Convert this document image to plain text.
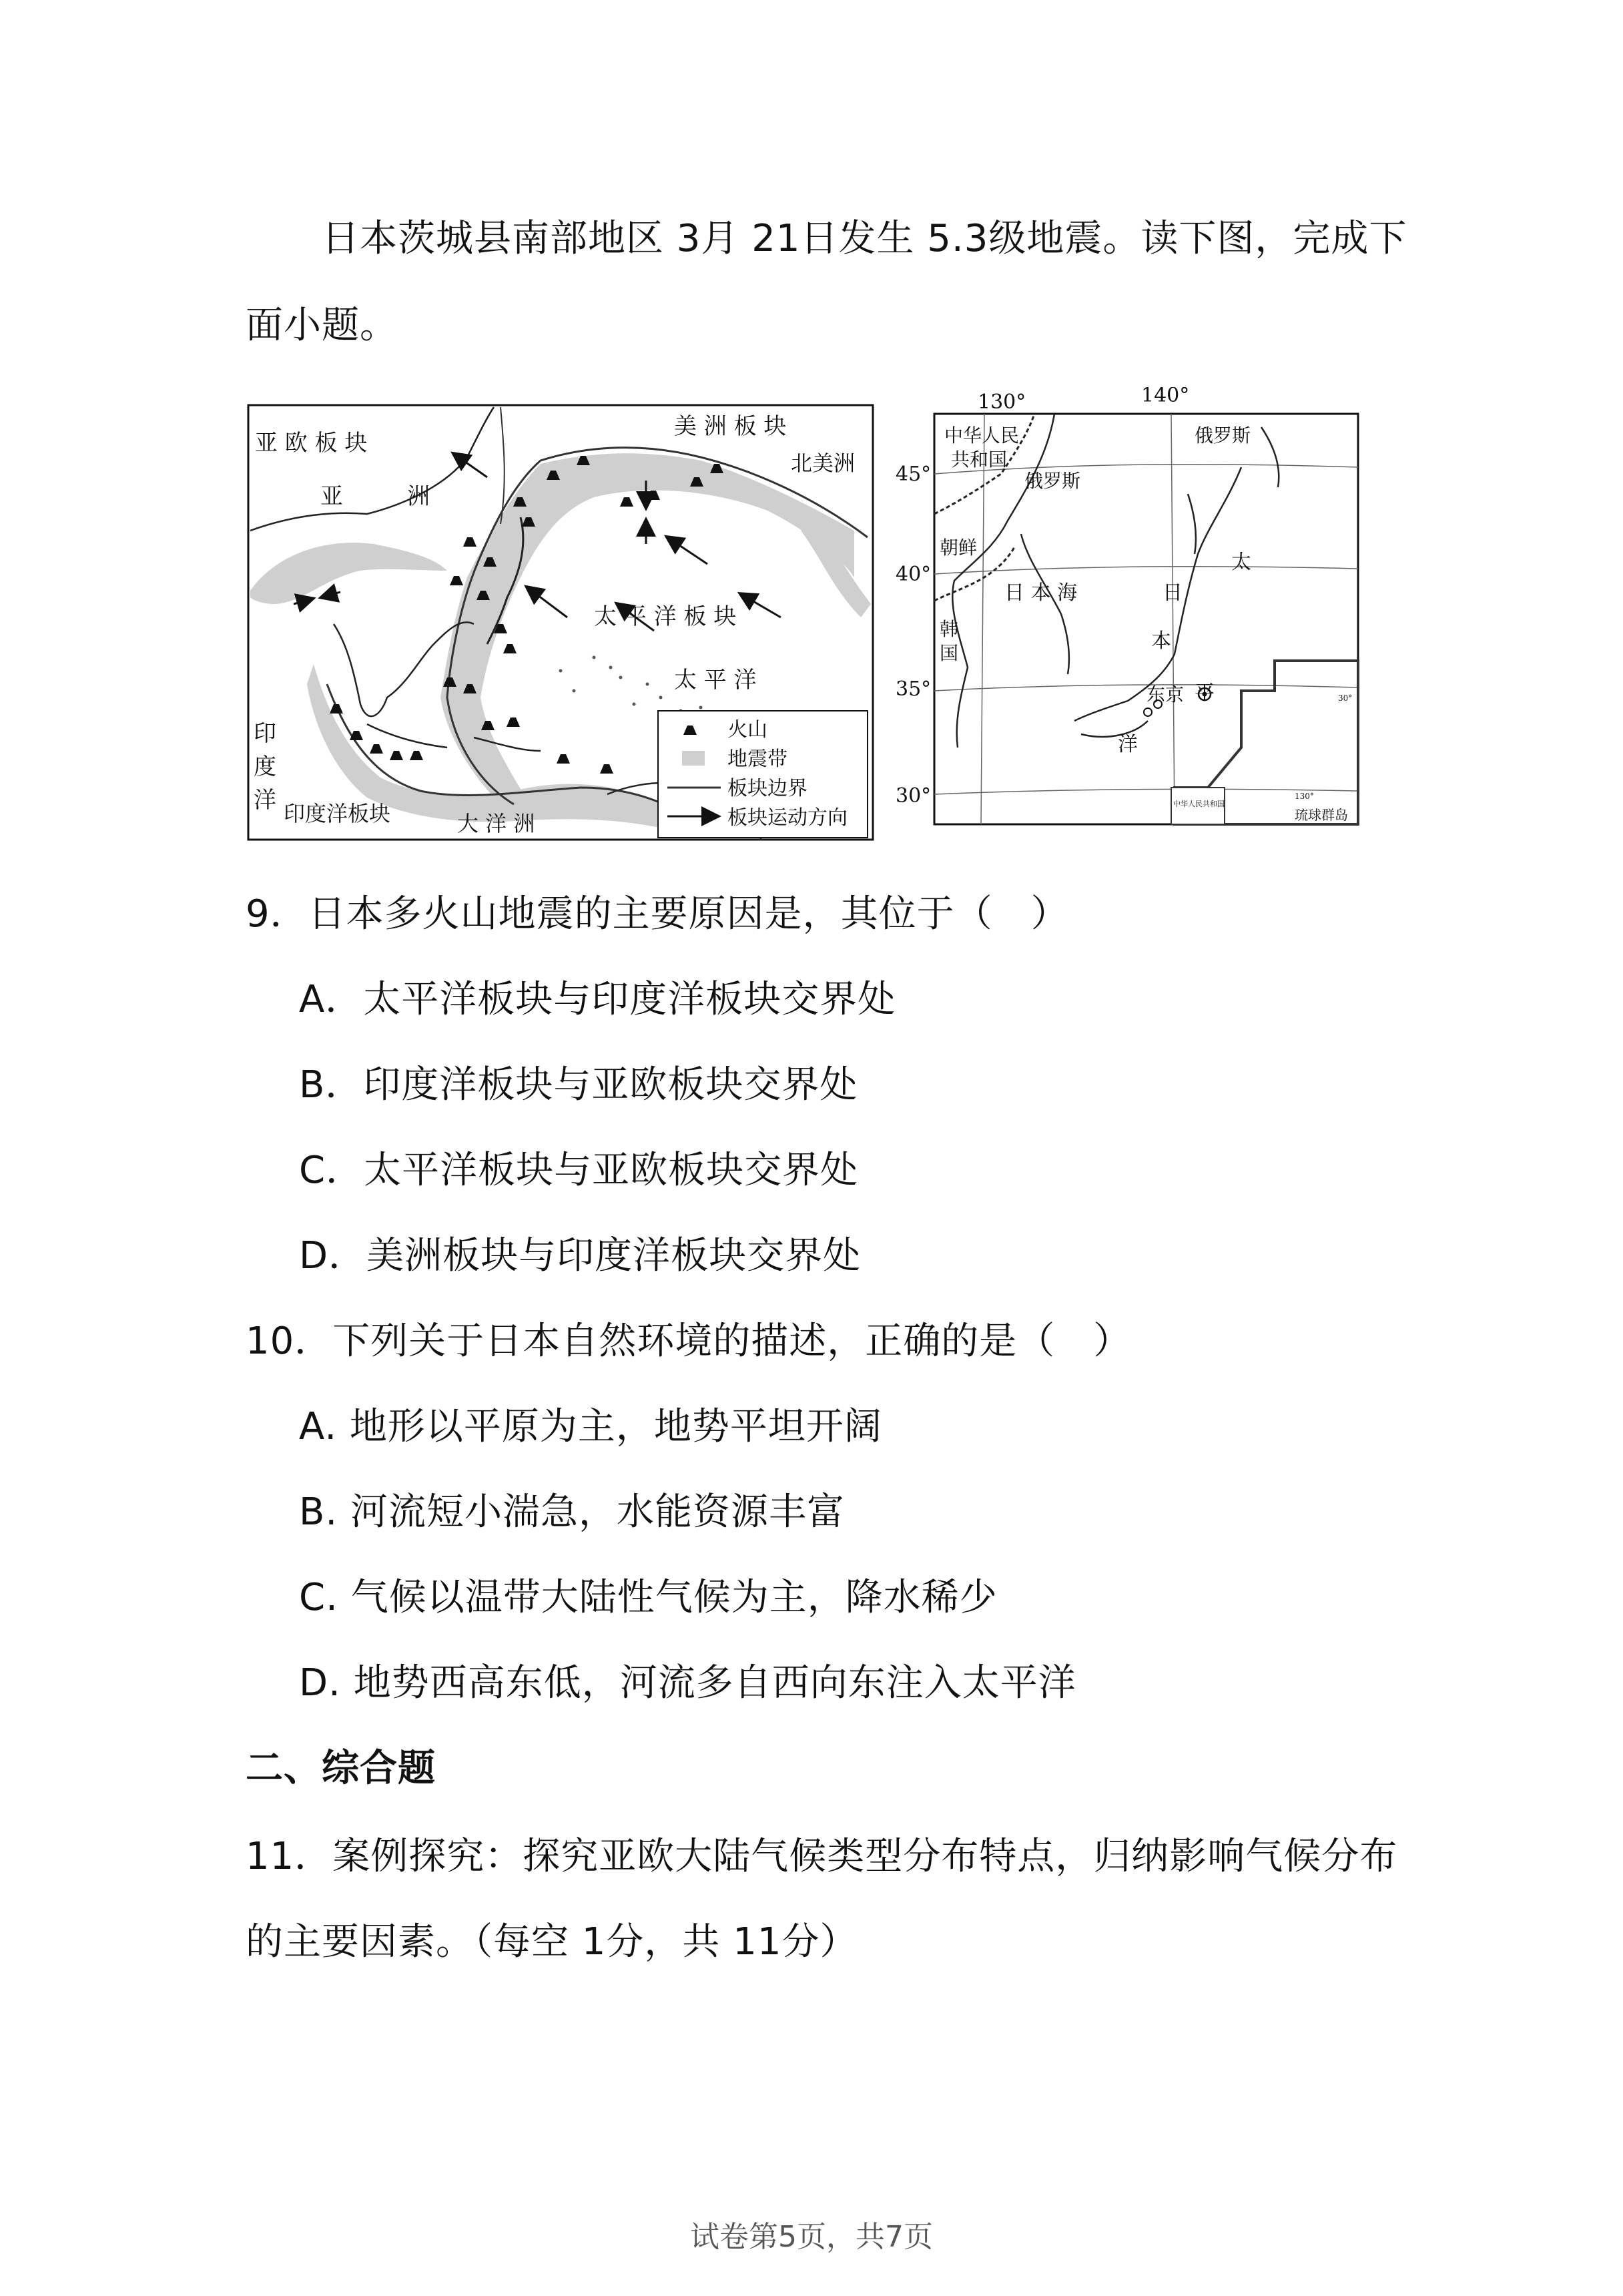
日本茨城县南部地区 3月 21日发生 5.3级地震。读下图，完成下
面小题。
亚 欧 板 块
亚	洲
美 洲 板 块
北美洲
太 平 洋 板 块
太 平 洋
印
度
洋 印度洋板块	大 洋 洲
火山
地震带
板块边界
板块运动方向
130°	140°
45°
40°
35°
30°
中华人民
共和国
俄罗斯
俄罗斯
朝鲜
韩
国
日 本 海	日
本
东京
太
平
洋
中华人民共和国
琉球群岛
130°
30°
9．日本多火山地震的主要原因是，其位于（　）
A．太平洋板块与印度洋板块交界处
B．印度洋板块与亚欧板块交界处
C．太平洋板块与亚欧板块交界处
D．美洲板块与印度洋板块交界处
10．下列关于日本自然环境的描述，正确的是（　）
A. 地形以平原为主，地势平坦开阔
B. 河流短小湍急，水能资源丰富
C. 气候以温带大陆性气候为主，降水稀少
D. 地势西高东低，河流多自西向东注入太平洋
二、综合题
11．案例探究：探究亚欧大陆气候类型分布特点，归纳影响气候分布
的主要因素。（每空 1分，共 11分）
试卷第5页，共7页
